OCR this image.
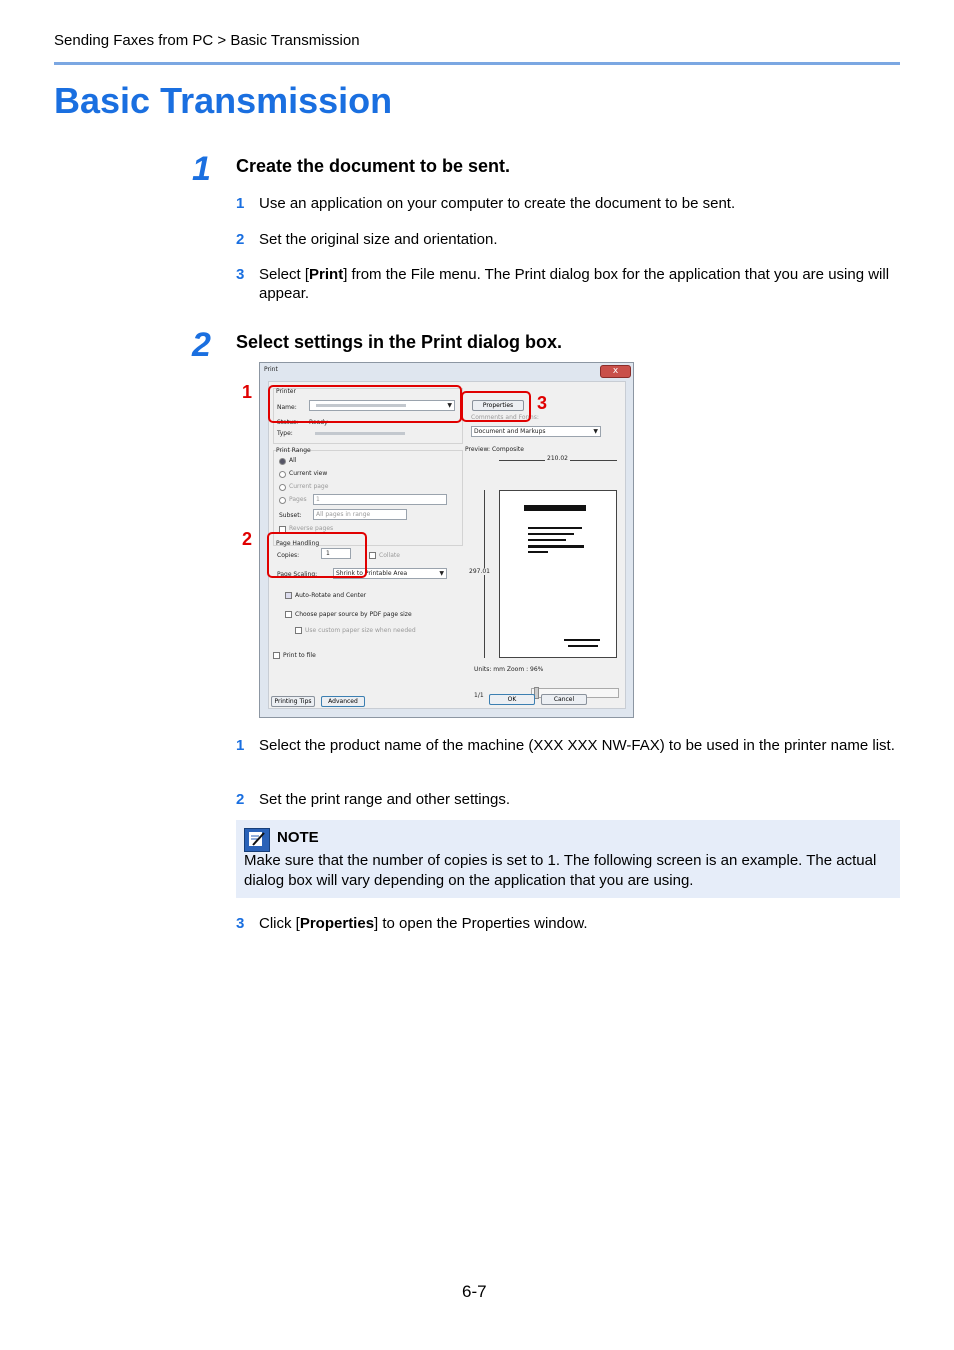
Sending Faxes from PC > Basic Transmission
Basic Transmission
1 Create the document to be sent.
1 Use an application on your computer to create the document to be sent.
2 Set the original size and orientation.
3 Select [Print] from the File menu. The Print dialog box for the application that you are using will appear.
2 Select settings in the Print dialog box.
Print	x
Printer
Name:	▼
Status: Ready
Type:
Properties
Comments and Forms:
Document and Markups	▼
Print Range
All
Current view
Current page
Pages	1
Subset:	All pages in range
Reverse pages
Page Handling
Copies:	1	Collate
Page Scaling:	Shrink to Printable Area	▼
Auto-Rotate and Center
Choose paper source by PDF page size
Use custom paper size when needed
Print to file
Preview: Composite
210.02
297.01
Units: mm Zoom : 96%
1/1
Printing Tips	Advanced	OK	Cancel
1
2
3
1 Select the product name of the machine (XXX XXX NW-FAX) to be used in the printer name list.
2 Set the print range and other settings.
NOTE
Make sure that the number of copies is set to 1. The following screen is an example. The actual dialog box will vary depending on the application that you are using.
3 Click [Properties] to open the Properties window.
6-7
